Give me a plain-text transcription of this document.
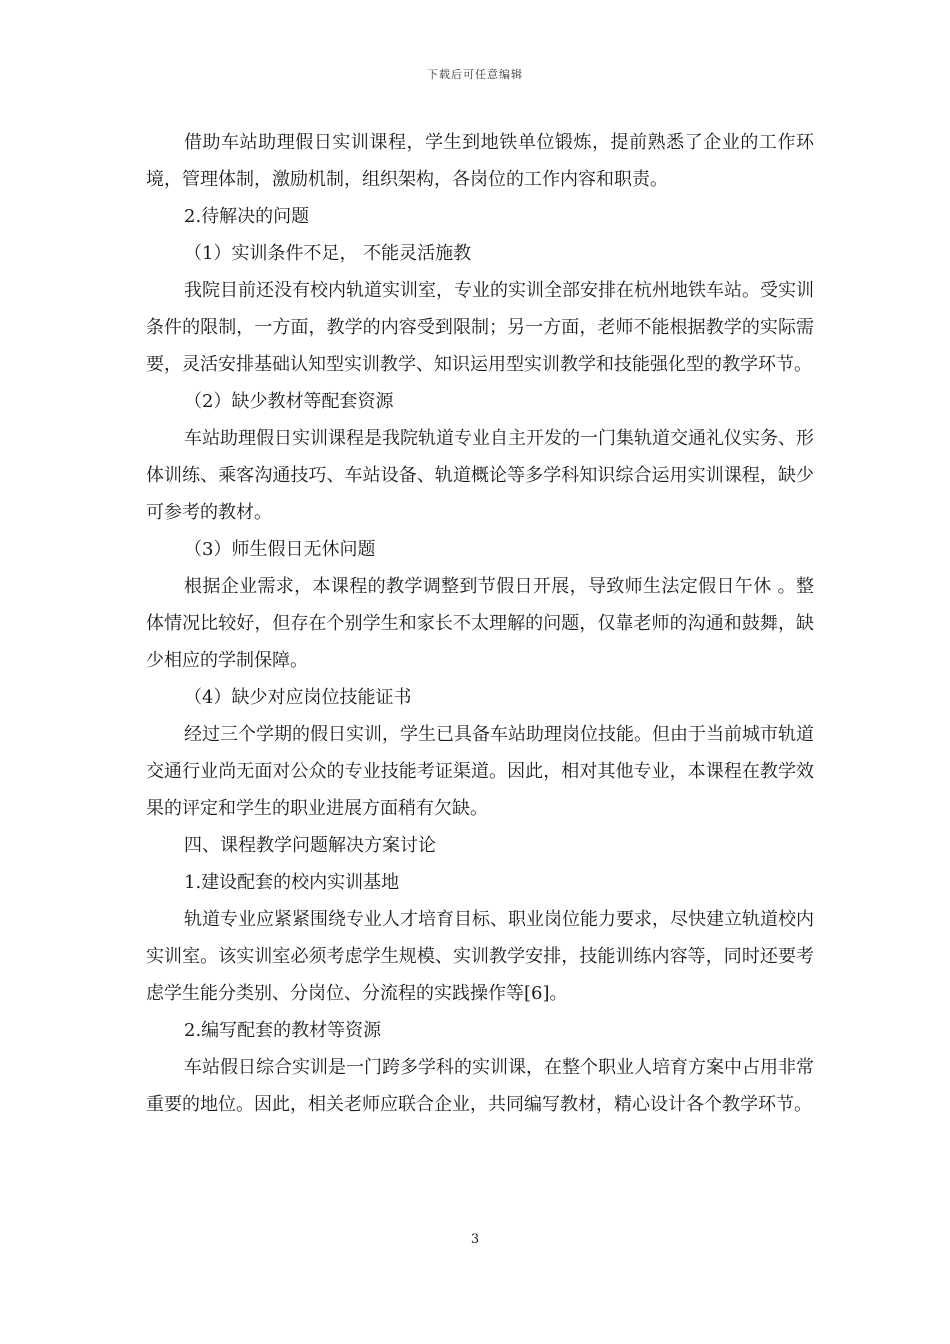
下载后可任意编辑

借助车站助理假日实训课程，学生到地铁单位锻炼，提前熟悉了企业的工作环境，管理体制，激励机制，组织架构，各岗位的工作内容和职责。

2.待解决的问题

（1）实训条件不足， 不能灵活施教

我院目前还没有校内轨道实训室，专业的实训全部安排在杭州地铁车站。受实训条件的限制，一方面，教学的内容受到限制；另一方面，老师不能根据教学的实际需要，灵活安排基础认知型实训教学、知识运用型实训教学和技能强化型的教学环节。

（2）缺少教材等配套资源

车站助理假日实训课程是我院轨道专业自主开发的一门集轨道交通礼仪实务、形体训练、乘客沟通技巧、车站设备、轨道概论等多学科知识综合运用实训课程，缺少可参考的教材。

（3）师生假日无休问题

根据企业需求，本课程的教学调整到节假日开展，导致师生法定假日午休 。整体情况比较好，但存在个别学生和家长不太理解的问题，仅靠老师的沟通和鼓舞，缺少相应的学制保障。

（4）缺少对应岗位技能证书

经过三个学期的假日实训，学生已具备车站助理岗位技能。但由于当前城市轨道交通行业尚无面对公众的专业技能考证渠道。因此，相对其他专业，本课程在教学效果的评定和学生的职业进展方面稍有欠缺。

四、课程教学问题解决方案讨论

1.建设配套的校内实训基地

轨道专业应紧紧围绕专业人才培育目标、职业岗位能力要求，尽快建立轨道校内实训室。该实训室必须考虑学生规模、实训教学安排，技能训练内容等，同时还要考虑学生能分类别、分岗位、分流程的实践操作等[6]。

2.编写配套的教材等资源

车站假日综合实训是一门跨多学科的实训课，在整个职业人培育方案中占用非常重要的地位。因此，相关老师应联合企业，共同编写教材，精心设计各个教学环节。

3
